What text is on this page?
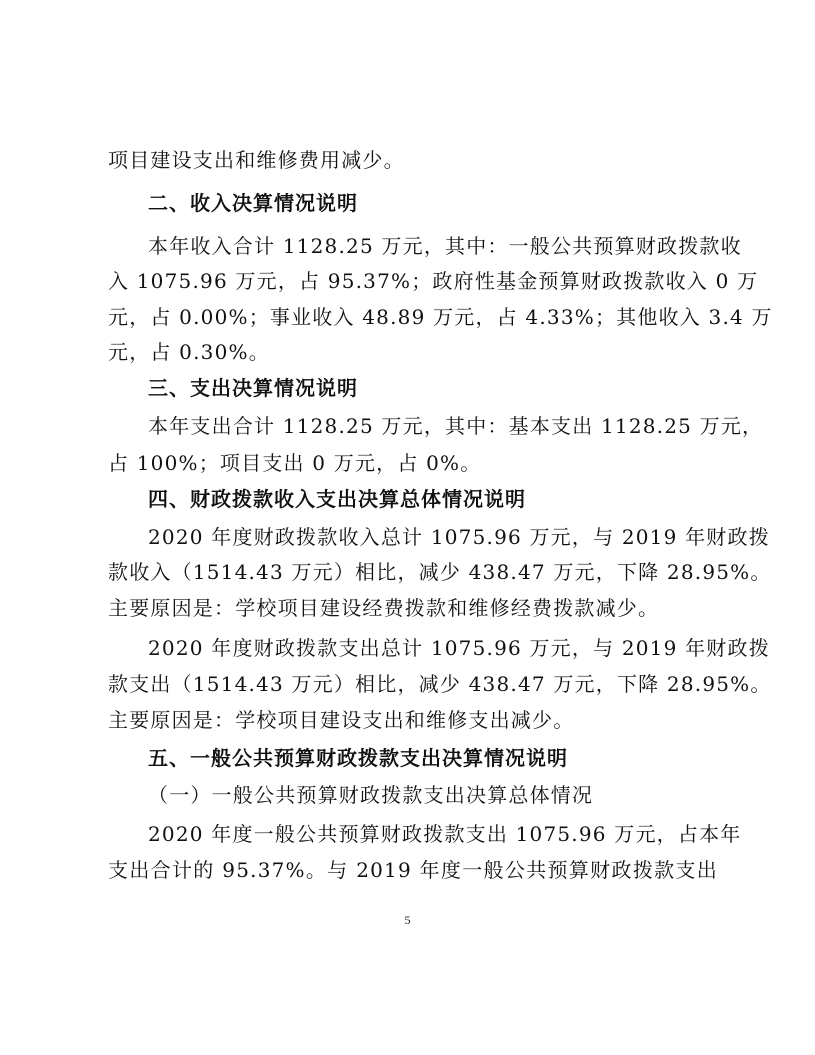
项目建设支出和维修费用减少。
二、收入决算情况说明
本年收入合计 1128.25 万元，其中：一般公共预算财政拨款收
入 1075.96 万元，占 95.37%；政府性基金预算财政拨款收入 0 万
元，占 0.00%；事业收入 48.89 万元，占 4.33%；其他收入 3.4 万
元，占 0.30%。
三、支出决算情况说明
本年支出合计 1128.25 万元，其中：基本支出 1128.25 万元，
占 100%；项目支出 0 万元，占 0%。
四、财政拨款收入支出决算总体情况说明
2020 年度财政拨款收入总计 1075.96 万元，与 2019 年财政拨
款收入（1514.43 万元）相比，减少 438.47 万元，下降 28.95%。
主要原因是：学校项目建设经费拨款和维修经费拨款减少。
2020 年度财政拨款支出总计 1075.96 万元，与 2019 年财政拨
款支出（1514.43 万元）相比，减少 438.47 万元，下降 28.95%。
主要原因是：学校项目建设支出和维修支出减少。
五、一般公共预算财政拨款支出决算情况说明
（一）一般公共预算财政拨款支出决算总体情况
2020 年度一般公共预算财政拨款支出 1075.96 万元，占本年
支出合计的 95.37%。与 2019 年度一般公共预算财政拨款支出
5
